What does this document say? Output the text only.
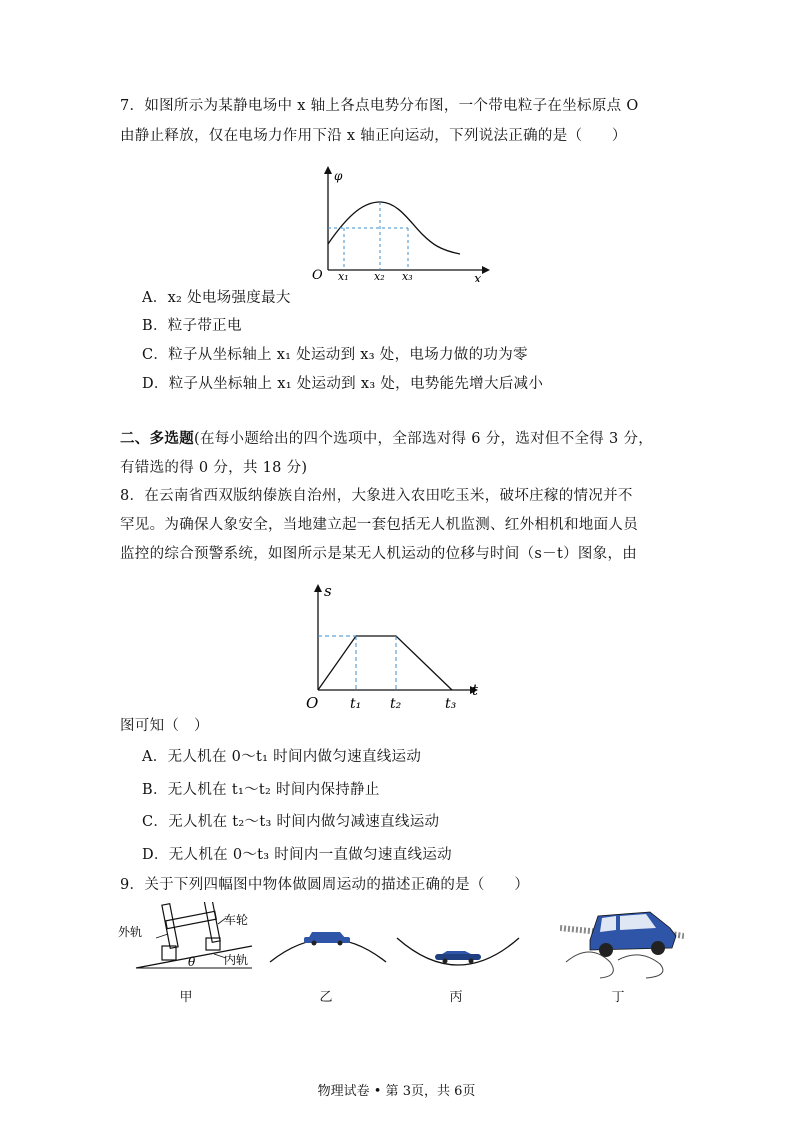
7．如图所示为某静电场中 x 轴上各点电势分布图，一个带电粒子在坐标原点 O
由静止释放，仅在电场力作用下沿 x 轴正向运动，下列说法正确的是（　　）
φ
O	x
x₁ x₂ x₃
A．x₂ 处电场强度最大
B．粒子带正电
C．粒子从坐标轴上 x₁ 处运动到 x₃ 处，电场力做的功为零
D．粒子从坐标轴上 x₁ 处运动到 x₃ 处，电势能先增大后减小
二、多选题(在每小题给出的四个选项中，全部选对得 6 分，选对但不全得 3 分，
有错选的得 0 分，共 18 分)
8．在云南省西双版纳傣族自治州，大象进入农田吃玉米，破坏庄稼的情况并不
罕见。为确保人象安全，当地建立起一套包括无人机监测、红外相机和地面人员
监控的综合预警系统，如图所示是某无人机运动的位移与时间（s－t）图象，由
s
O
t
t₁ t₂	t₃
图可知（　）
A．无人机在 0～t₁ 时间内做匀速直线运动
B．无人机在 t₁～t₂ 时间内保持静止
C．无人机在 t₂～t₃ 时间内做匀减速直线运动
D．无人机在 0～t₃ 时间内一直做匀速直线运动
9．关于下列四幅图中物体做圆周运动的描述正确的是（　　）
外轨
车轮
内轨
θ
甲	乙	丙	丁
物理试卷 • 第 3页，共 6页
